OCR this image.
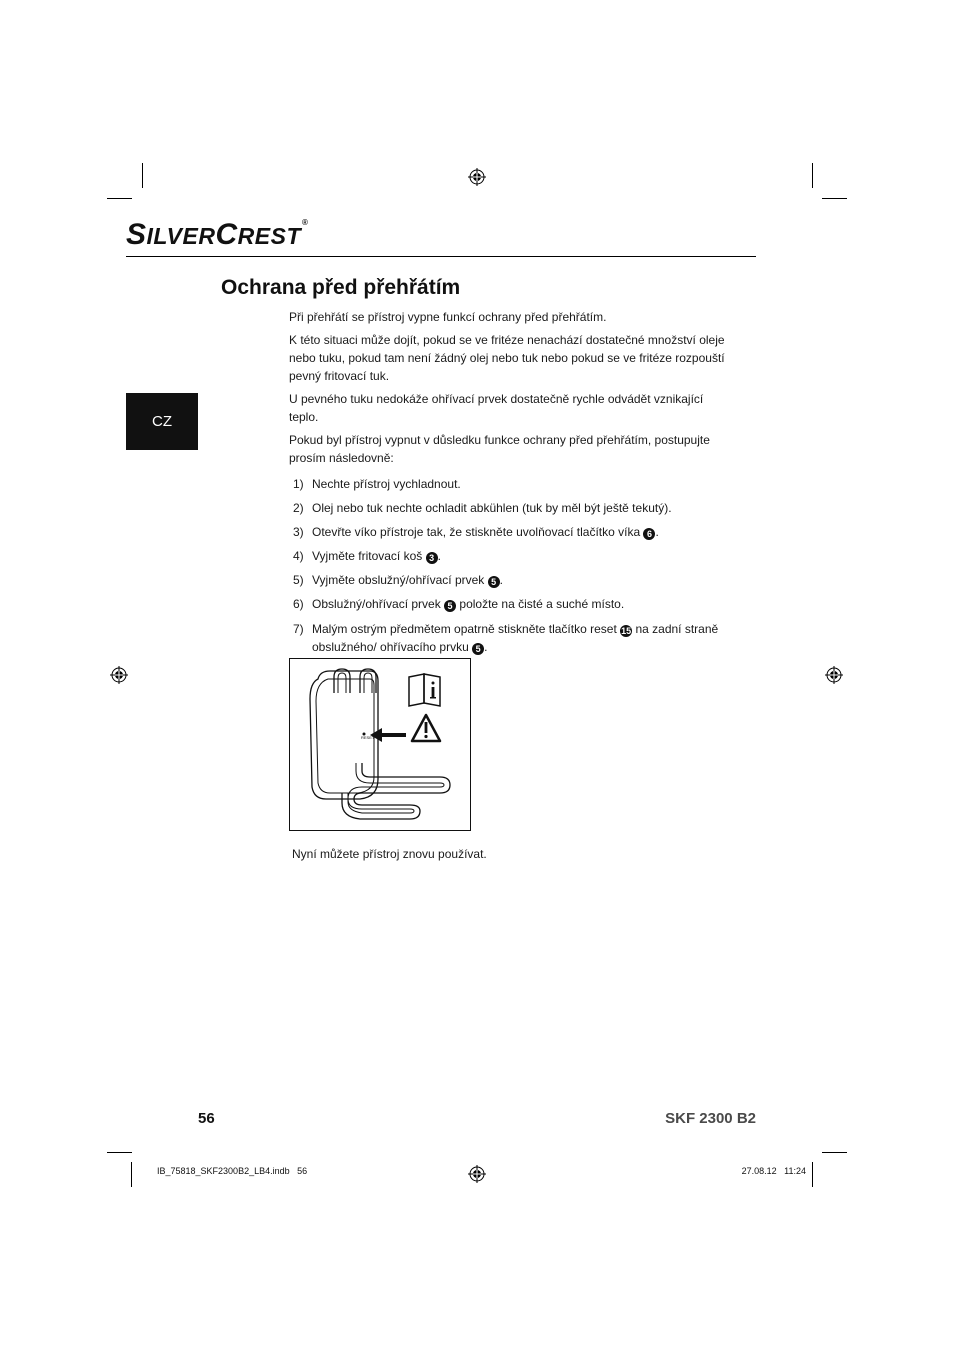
SILVERCREST®
Ochrana před přehřátím
CZ
Při přehřátí se přístroj vypne funkcí ochrany před přehřátím.
K této situaci může dojít, pokud se ve fritéze nenachází dostatečné množství oleje nebo tuku, pokud tam není žádný olej nebo tuk nebo pokud se ve fritéze rozpouští pevný fritovací tuk.
U pevného tuku nedokáže ohřívací prvek dostatečně rychle odvádět vznikající teplo.
Pokud byl přístroj vypnut v důsledku funkce ochrany před přehřátím, postupujte prosím následovně:
1) Nechte přístroj vychladnout.
2) Olej nebo tuk nechte ochladit abkühlen (tuk by měl být ještě tekutý).
3) Otevřte víko přístroje tak, že stiskněte uvolňovací tlačítko víka 6 .
4) Vyjměte fritovací koš 3 .
5) Vyjměte obslužný/ohřívací prvek 5 .
6) Obslužný/ohřívací prvek 5 položte na čisté a suché místo.
7) Malým ostrým předmětem opatrně stiskněte tlačítko reset 15 na zadní straně obslužného/ ohřívacího prvku 5 .
RESET
Nyní můžete přístroj znovu používat.
56	SKF 2300 B2
IB_75818_SKF2300B2_LB4.indb   56	27.08.12   11:24
